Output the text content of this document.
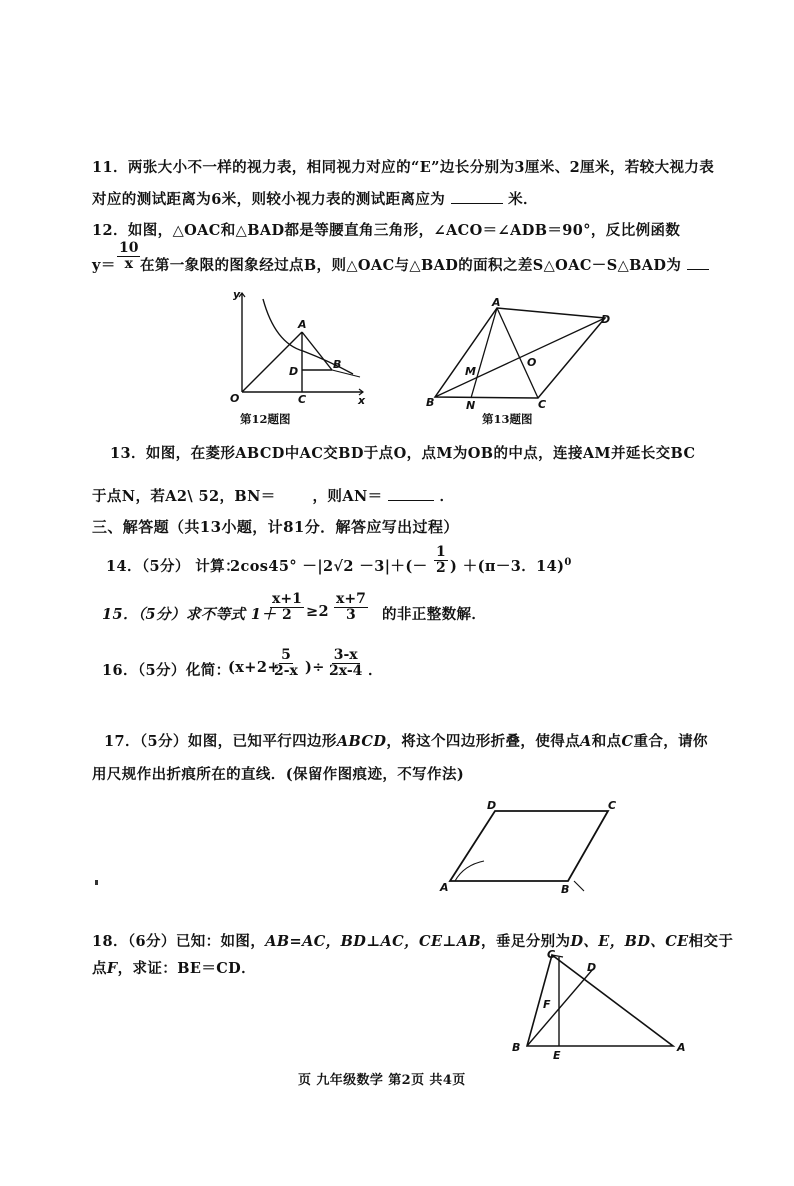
11．两张大小不一样的视力表，相同视力对应的“E”边长分别为3厘米、2厘米，若较大视力表
对应的测试距离为6米，则较小视力表的测试距离应为	米．
12．如图，△OAC和△BAD都是等腰直角三角形，∠ACO＝∠ADB＝90°，反比例函数
$y= \frac{10}{x}$ 在第一象限的图象经过点B，则△OAC与△BAD的面积之差S△OAC－S△BAD为
y
x
O
A
B
C
D
第12题图
A
B	C
D
M
N
O
第13题图
13．如图，在菱形ABCD中AC交BD于点O，点M为OB的中点，连接AM并延长交BC
于点N，若A2\ 52，BN＝	，则AN＝	．
三、解答题（共13小题，计81分．解答应写出过程）
14．（5分） 计算：
$2\cos 45^\circ -|2√2 -3|+(- \frac{1}{2}$ ) ＋(π－3．14)$^0$
15．（5分）求不等式 1＋
$\frac{x+1}{2} \ge 2 \frac{x+7}{3}$ 的非正整数解．
16．（5分）化简：
(x+2+
$\frac{5}{2-x}$ )÷ $\frac{3-x}{2x-4}$ ．
17．（5分）如图，已知平行四边形ABCD，将这个四边形折叠，使得点A和点C重合，请你
用尺规作出折痕所在的直线．(保留作图痕迹，不写作法)
D	C
A	B
18．（6分）已知：如图，AB=AC，BD⊥AC，CE⊥AB，垂足分别为D、E，BD、CE相交于
点F，求证：BE＝CD．
C
D
F
B
E
A
页 九年级数学 第2页 共4页
